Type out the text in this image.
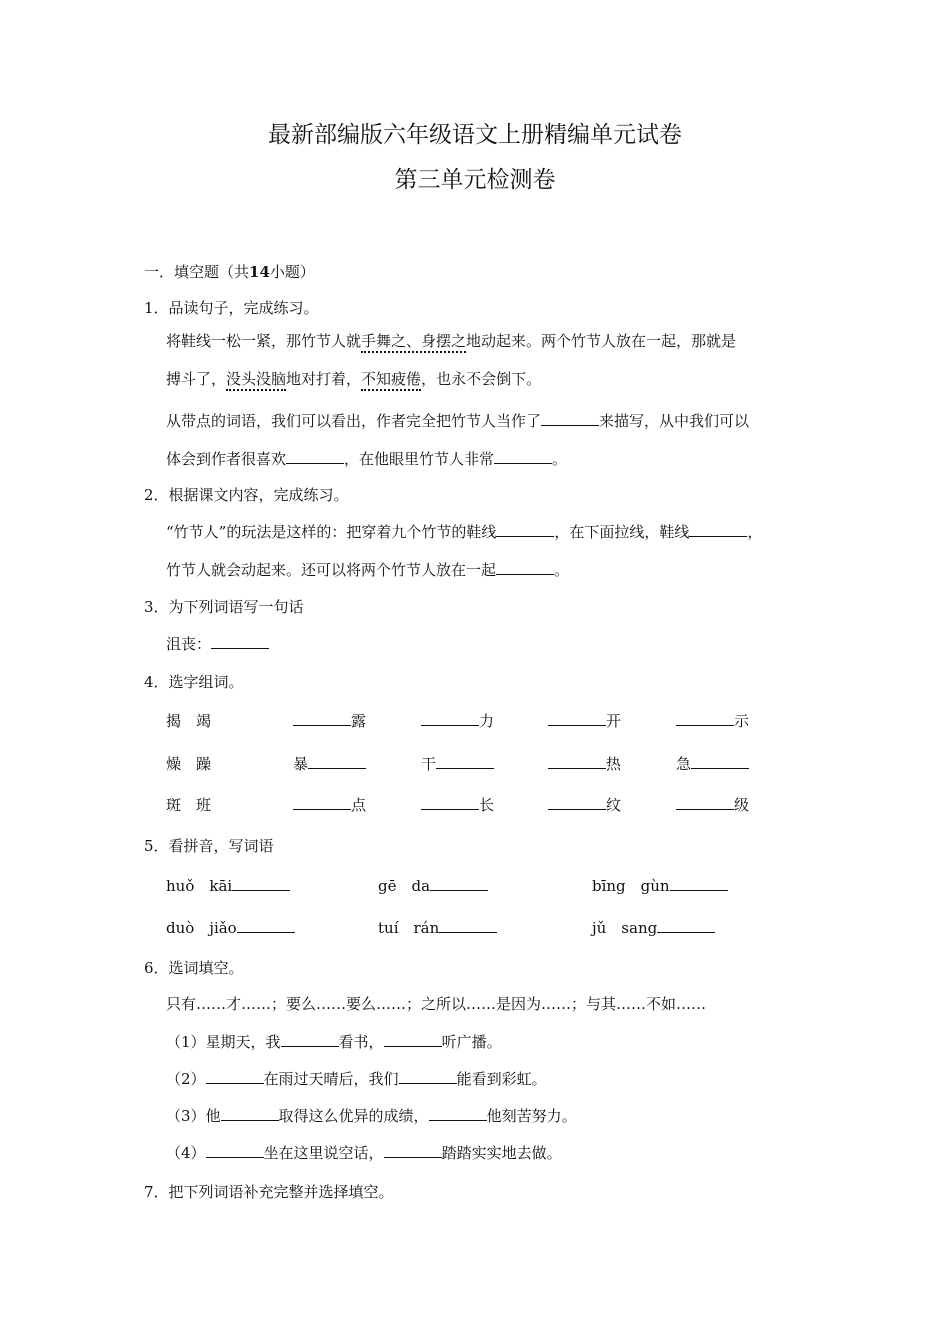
最新部编版六年级语文上册精编单元试卷
第三单元检测卷
一．填空题（共14小题）
1．品读句子，完成练习。
将鞋线一松一紧，那竹节人就手舞之、身摆之地动起来。两个竹节人放在一起，那就是
搏斗了，没头没脑地对打着，不知疲倦，也永不会倒下。
从带点的词语，我们可以看出，作者完全把竹节人当作了	来描写，从中我们可以
体会到作者很喜欢	，在他眼里竹节人非常	。
2．根据课文内容，完成练习。
“竹节人”的玩法是这样的：把穿着九个竹节的鞋线	，在下面拉线，鞋线	，
竹节人就会动起来。还可以将两个竹节人放在一起	。
3．为下列词语写一句话
沮丧：
4．选字组词。
揭　竭	露	力	开	示
燥　躁	暴	干	热	急
斑　班	点	长	纹	级
5．看拼音，写词语
huǒ　kāi	gē　da	bīng　gùn
duò　jiǎo	tuí　rán	jǔ　sang
6．选词填空。
只有……才……；要么……要么……；之所以……是因为……；与其……不如……
（1）星期天，我	看书，	听广播。
（2）	在雨过天晴后，我们	能看到彩虹。
（3）他	取得这么优异的成绩，	他刻苦努力。
（4）	坐在这里说空话，	踏踏实实地去做。
7．把下列词语补充完整并选择填空。
